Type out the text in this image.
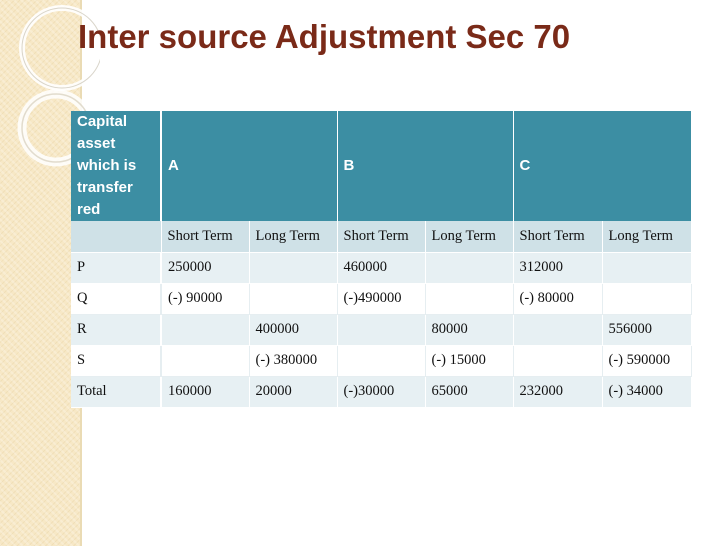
Inter source Adjustment Sec 70
Capital asset which is transfer red	A		B		C	
	Short Term	Long Term	Short Term	Long Term	Short Term	Long Term
P	250000		460000		312000	
Q	(-) 90000		(-)490000		(-) 80000	
R		400000		80000		556000
S		(-) 380000		(-) 15000		(-) 590000
Total	160000	20000	(-)30000	65000	232000	(-) 34000
